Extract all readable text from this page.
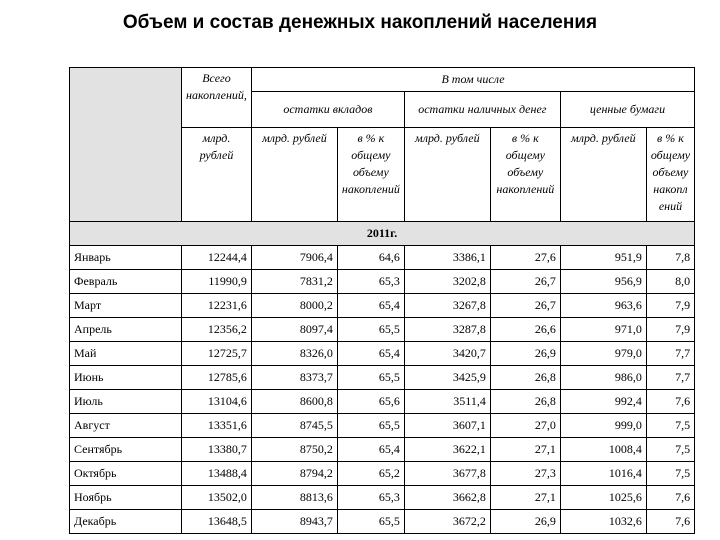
Объем и состав денежных накоплений населения
	Всего накоплений,	В том числе					
		остатки вкладов		остатки наличных денег		ценные бумаги	
	млрд. рублей	млрд. рублей	в % к общему объему накоплений	млрд. рублей	в % к общему объему накоплений	млрд. рублей	в % к общему объему накопл ений
2011г.							
Январь	12244,4	7906,4	64,6	3386,1	27,6	951,9	7,8
Февраль	11990,9	7831,2	65,3	3202,8	26,7	956,9	8,0
Март	12231,6	8000,2	65,4	3267,8	26,7	963,6	7,9
Апрель	12356,2	8097,4	65,5	3287,8	26,6	971,0	7,9
Май	12725,7	8326,0	65,4	3420,7	26,9	979,0	7,7
Июнь	12785,6	8373,7	65,5	3425,9	26,8	986,0	7,7
Июль	13104,6	8600,8	65,6	3511,4	26,8	992,4	7,6
Август	13351,6	8745,5	65,5	3607,1	27,0	999,0	7,5
Сентябрь	13380,7	8750,2	65,4	3622,1	27,1	1008,4	7,5
Октябрь	13488,4	8794,2	65,2	3677,8	27,3	1016,4	7,5
Ноябрь	13502,0	8813,6	65,3	3662,8	27,1	1025,6	7,6
Декабрь	13648,5	8943,7	65,5	3672,2	26,9	1032,6	7,6
